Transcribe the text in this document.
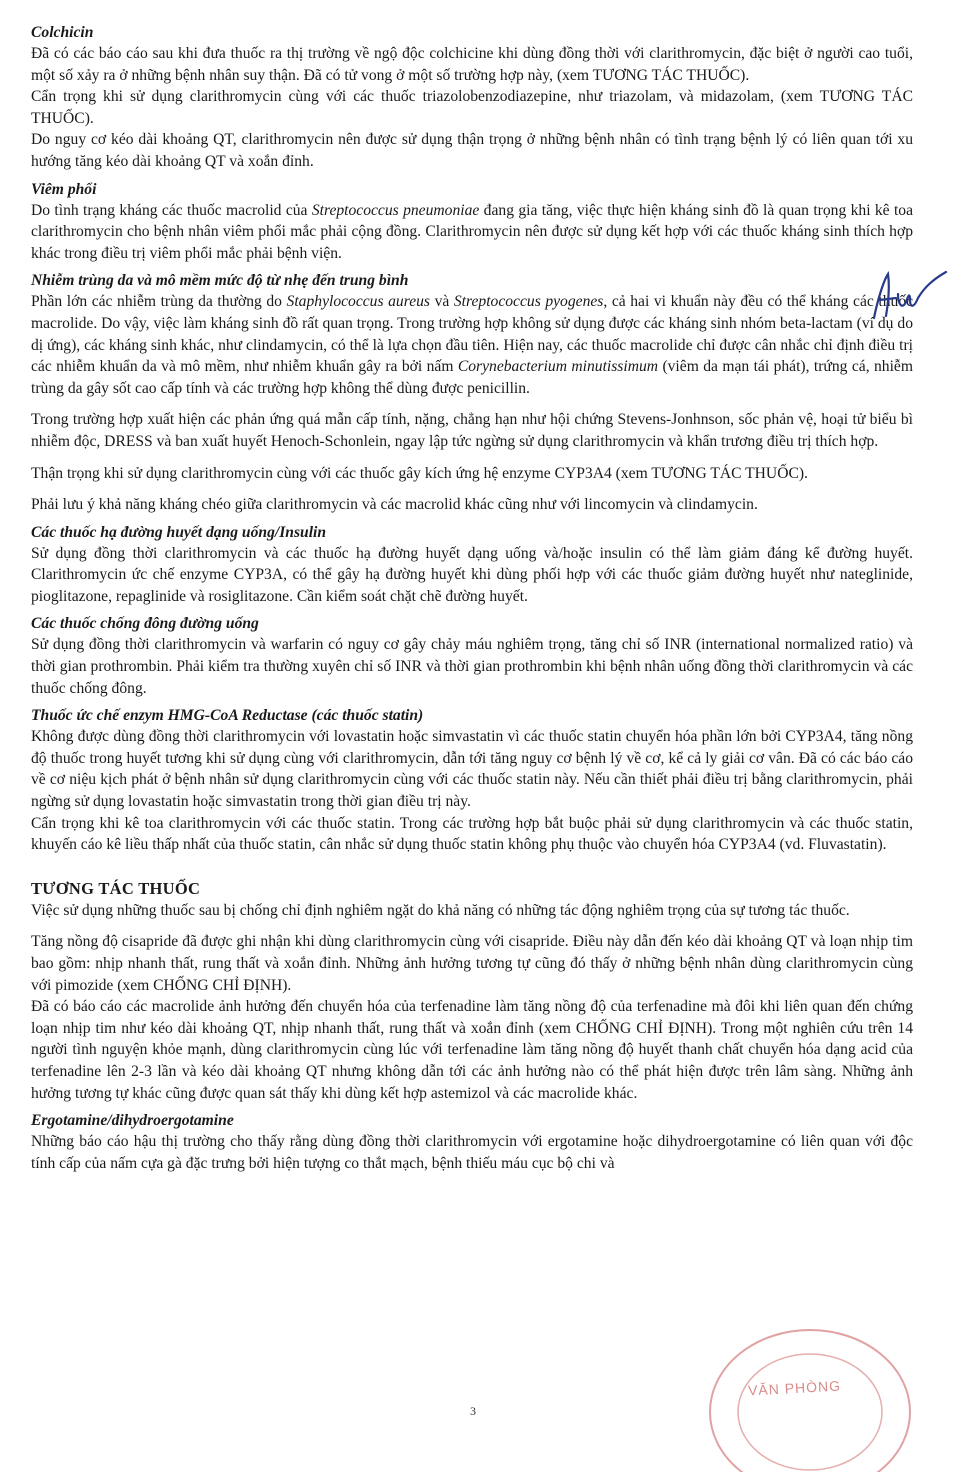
Colchicin

Đã có các báo cáo sau khi đưa thuốc ra thị trường về ngộ độc colchicine khi dùng đồng thời với clarithromycin, đặc biệt ở người cao tuổi, một số xảy ra ở những bệnh nhân suy thận. Đã có tử vong ở một số trường hợp này, (xem TƯƠNG TÁC THUỐC).

Cẩn trọng khi sử dụng clarithromycin cùng với các thuốc triazolobenzodiazepine, như triazolam, và midazolam, (xem TƯƠNG TÁC THUỐC).

Do nguy cơ kéo dài khoảng QT, clarithromycin nên được sử dụng thận trọng ở những bệnh nhân có tình trạng bệnh lý có liên quan tới xu hướng tăng kéo dài khoảng QT và xoắn đỉnh.

Viêm phổi

Do tình trạng kháng các thuốc macrolid của Streptococcus pneumoniae đang gia tăng, việc thực hiện kháng sinh đồ là quan trọng khi kê toa clarithromycin cho bệnh nhân viêm phổi mắc phải cộng đồng. Clarithromycin nên được sử dụng kết hợp với các thuốc kháng sinh thích hợp khác trong điều trị viêm phổi mắc phải bệnh viện.

Nhiễm trùng da và mô mềm mức độ từ nhẹ đến trung bình

Phần lớn các nhiễm trùng da thường do Staphylococcus aureus và Streptococcus pyogenes, cả hai vi khuẩn này đều có thể kháng các thuốc macrolide. Do vậy, việc làm kháng sinh đồ rất quan trọng. Trong trường hợp không sử dụng được các kháng sinh nhóm beta-lactam (ví dụ do dị ứng), các kháng sinh khác, như clindamycin, có thể là lựa chọn đầu tiên. Hiện nay, các thuốc macrolide chỉ được cân nhắc chỉ định điều trị các nhiễm khuẩn da và mô mềm, như nhiễm khuẩn gây ra bởi nấm Corynebacterium minutissimum (viêm da mạn tái phát), trứng cá, nhiễm trùng da gây sốt cao cấp tính và các trường hợp không thể dùng được penicillin.

Trong trường hợp xuất hiện các phản ứng quá mẫn cấp tính, nặng, chẳng hạn như hội chứng Stevens-Jonhnson, sốc phản vệ, hoại tử biểu bì nhiễm độc, DRESS và ban xuất huyết Henoch-Schonlein, ngay lập tức ngừng sử dụng clarithromycin và khẩn trương điều trị thích hợp.

Thận trọng khi sử dụng clarithromycin cùng với các thuốc gây kích ứng hệ enzyme CYP3A4 (xem TƯƠNG TÁC THUỐC).

Phải lưu ý khả năng kháng chéo giữa clarithromycin và các macrolid khác cũng như với lincomycin và clindamycin.

Các thuốc hạ đường huyết dạng uống/Insulin

Sử dụng đồng thời clarithromycin và các thuốc hạ đường huyết dạng uống và/hoặc insulin có thể làm giảm đáng kể đường huyết. Clarithromycin ức chế enzyme CYP3A, có thể gây hạ đường huyết khi dùng phối hợp với các thuốc giảm đường huyết như nateglinide, pioglitazone, repaglinide và rosiglitazone. Cần kiểm soát chặt chẽ đường huyết.

Các thuốc chống đông đường uống

Sử dụng đồng thời clarithromycin và warfarin có nguy cơ gây chảy máu nghiêm trọng, tăng chỉ số INR (international normalized ratio) và thời gian prothrombin. Phải kiểm tra thường xuyên chỉ số INR và thời gian prothrombin khi bệnh nhân uống đồng thời clarithromycin và các thuốc chống đông.

Thuốc ức chế enzym HMG-CoA Reductase (các thuốc statin)

Không được dùng đồng thời clarithromycin với lovastatin hoặc simvastatin vì các thuốc statin chuyển hóa phần lớn bởi CYP3A4, tăng nồng độ thuốc trong huyết tương khi sử dụng cùng với clarithromycin, dẫn tới tăng nguy cơ bệnh lý về cơ, kể cả ly giải cơ vân. Đã có các báo cáo về cơ niệu kịch phát ở bệnh nhân sử dụng clarithromycin cùng với các thuốc statin này. Nếu cần thiết phải điều trị bằng clarithromycin, phải ngừng sử dụng lovastatin hoặc simvastatin trong thời gian điều trị này.

Cẩn trọng khi kê toa clarithromycin với các thuốc statin. Trong các trường hợp bắt buộc phải sử dụng clarithromycin và các thuốc statin, khuyến cáo kê liều thấp nhất của thuốc statin, cân nhắc sử dụng thuốc statin không phụ thuộc vào chuyển hóa CYP3A4 (vd. Fluvastatin).

TƯƠNG TÁC THUỐC

Việc sử dụng những thuốc sau bị chống chỉ định nghiêm ngặt do khả năng có những tác động nghiêm trọng của sự tương tác thuốc.

Tăng nồng độ cisapride đã được ghi nhận khi dùng clarithromycin cùng với cisapride. Điều này dẫn đến kéo dài khoảng QT và loạn nhịp tim bao gồm: nhịp nhanh thất, rung thất và xoắn đỉnh. Những ảnh hưởng tương tự cũng đó thấy ở những bệnh nhân dùng clarithromycin cùng với pimozide (xem CHỐNG CHỈ ĐỊNH).

Đã có báo cáo các macrolide ảnh hưởng đến chuyển hóa của terfenadine làm tăng nồng độ của terfenadine mà đôi khi liên quan đến chứng loạn nhịp tim như kéo dài khoảng QT, nhịp nhanh thất, rung thất và xoắn đỉnh (xem CHỐNG CHỈ ĐỊNH). Trong một nghiên cứu trên 14 người tình nguyện khỏe mạnh, dùng clarithromycin cùng lúc với terfenadine làm tăng nồng độ huyết thanh chất chuyển hóa dạng acid của terfenadine lên 2-3 lần và kéo dài khoảng QT nhưng không dẫn tới các ảnh hưởng nào có thể phát hiện được trên lâm sàng. Những ảnh hưởng tương tự khác cũng được quan sát thấy khi dùng kết hợp astemizol và các macrolide khác.

Ergotamine/dihydroergotamine

Những báo cáo hậu thị trường cho thấy rằng dùng đồng thời clarithromycin với ergotamine hoặc dihydroergotamine có liên quan với độc tính cấp của nấm cựa gà đặc trưng bởi hiện tượng co thắt mạch, bệnh thiếu máu cục bộ chi và

VĂN PHÒNG
3
